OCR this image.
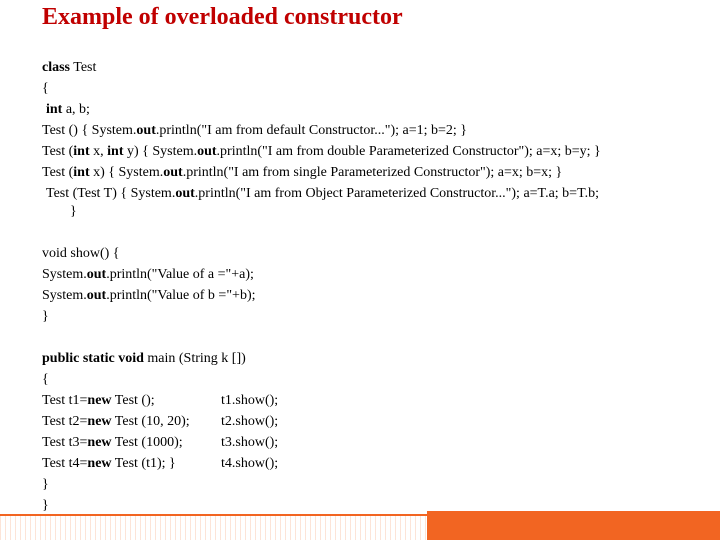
Example of overloaded constructor
class Test
{
int a, b;
Test () { System.out.println("I am from default Constructor..."); a=1; b=2; }
Test (int x, int y) { System.out.println("I am from double Parameterized Constructor"); a=x; b=y; }
Test (int x) { System.out.println("I am from single Parameterized Constructor"); a=x; b=x; }
Test (Test T) { System.out.println("I am from Object Parameterized Constructor..."); a=T.a; b=T.b;
}
void show() {
System.out.println("Value of a ="+a);
System.out.println("Value of b ="+b);
}
public static void main (String k [])
{
Test t1=new Test ();	t1.show();
Test t2=new Test (10, 20); t2.show();
Test t3=new Test (1000);	t3.show();
Test t4=new Test (t1); }	t4.show();
}
}
